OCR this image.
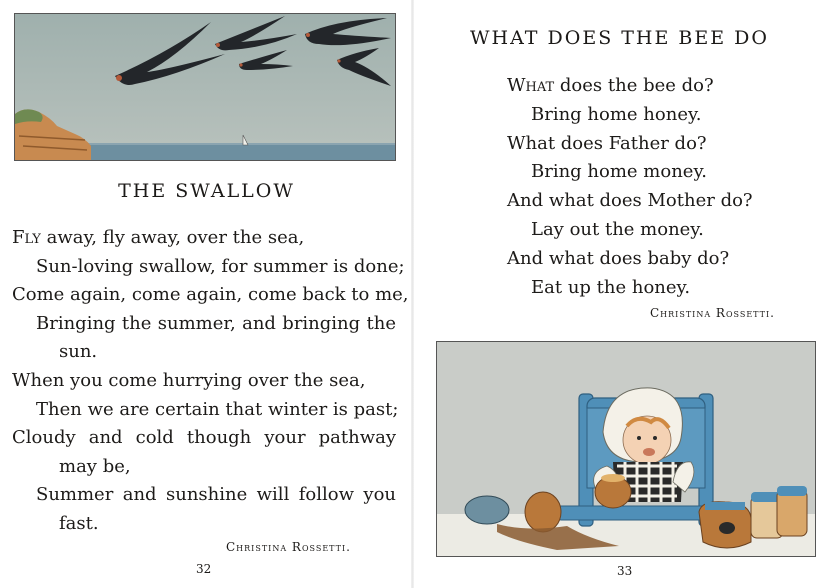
THE SWALLOW
Fly away, fly away, over the sea,
Sun-loving swallow, for summer is done;
Come again, come again, come back to me,
Bringing the summer, and bringing the
sun.
When you come hurrying over the sea,
Then we are certain that winter is past;
Cloudy and cold though your pathway
may be,
Summer and sunshine will follow you
fast.
Christina Rossetti.
32
WHAT DOES THE BEE DO
What does the bee do?
Bring home honey.
What does Father do?
Bring home money.
And what does Mother do?
Lay out the money.
And what does baby do?
Eat up the honey.
Christina Rossetti.
33
